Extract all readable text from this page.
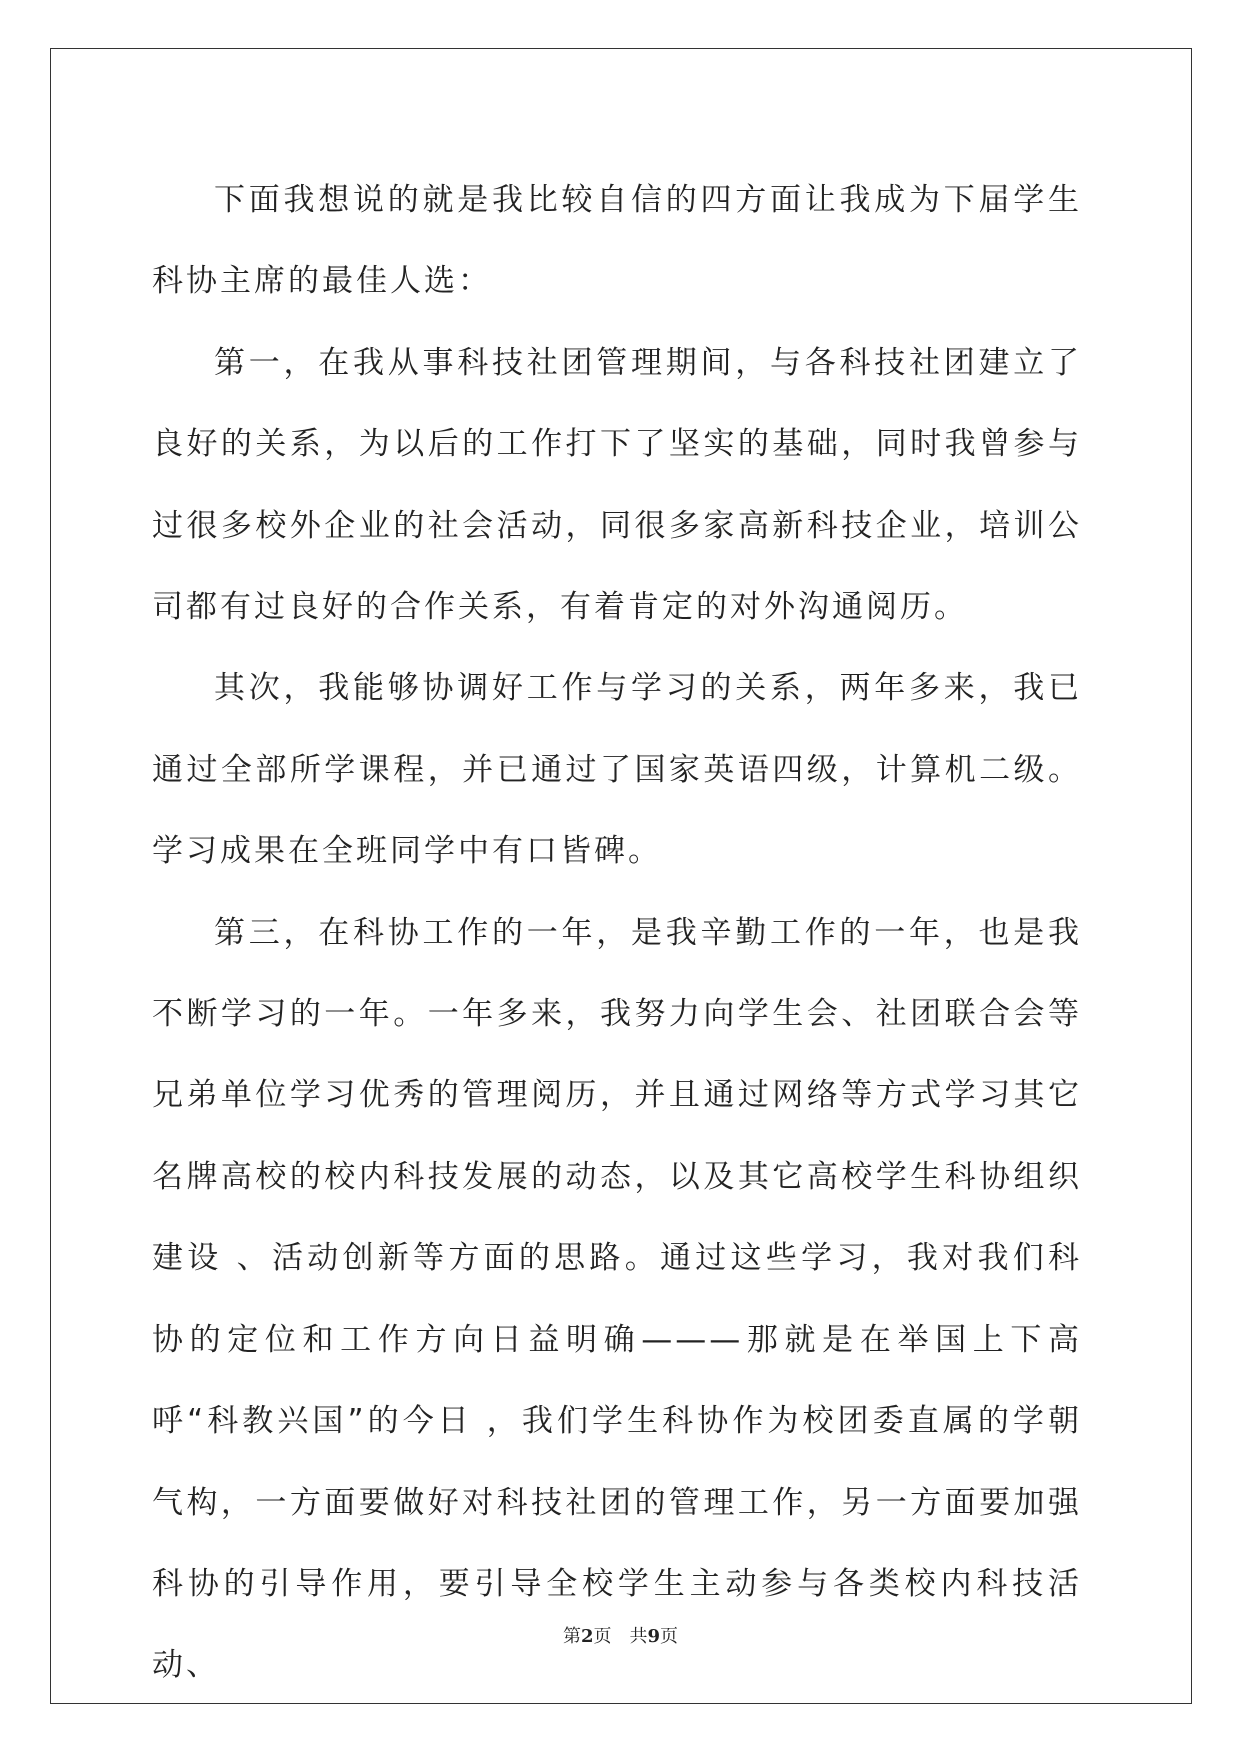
下面我想说的就是我比较自信的四方面让我成为下届学生科协主席的最佳人选：

第一，在我从事科技社团管理期间，与各科技社团建立了良好的关系，为以后的工作打下了坚实的基础，同时我曾参与过很多校外企业的社会活动，同很多家高新科技企业，培训公司都有过良好的合作关系，有着肯定的对外沟通阅历。

其次，我能够协调好工作与学习的关系，两年多来，我已通过全部所学课程，并已通过了国家英语四级，计算机二级。学习成果在全班同学中有口皆碑。

第三，在科协工作的一年，是我辛勤工作的一年，也是我不断学习的一年。一年多来，我努力向学生会、社团联合会等兄弟单位学习优秀的管理阅历，并且通过网络等方式学习其它名牌高校的校内科技发展的动态，以及其它高校学生科协组织建设 、活动创新等方面的思路。通过这些学习，我对我们科协的定位和工作方向日益明确———那就是在举国上下高呼“科教兴国”的今日 ，我们学生科协作为校团委直属的学朝气构，一方面要做好对科技社团的管理工作，另一方面要加强科协的引导作用，要引导全校学生主动参与各类校内科技活动、

第2页 共9页
